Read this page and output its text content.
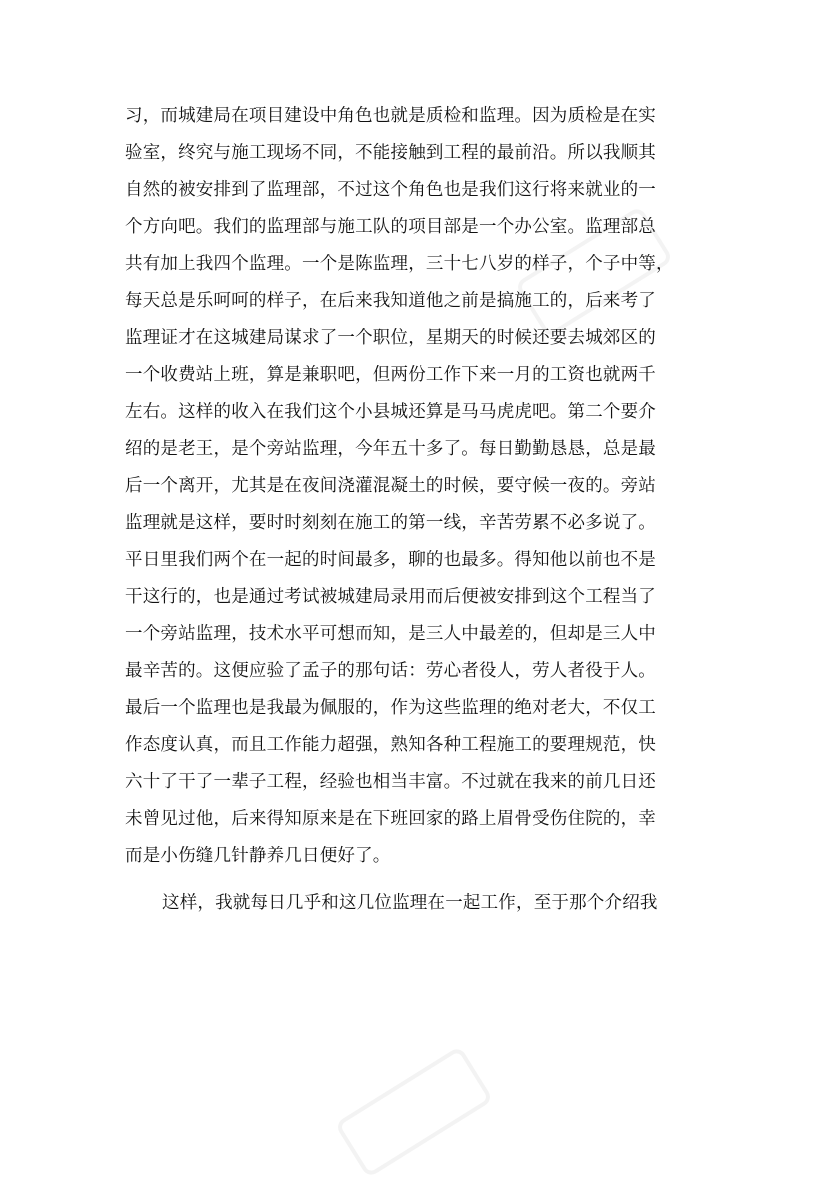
习，而城建局在项目建设中角色也就是质检和监理。因为质检是在实
验室，终究与施工现场不同，不能接触到工程的最前沿。所以我顺其
自然的被安排到了监理部，不过这个角色也是我们这行将来就业的一
个方向吧。我们的监理部与施工队的项目部是一个办公室。监理部总
共有加上我四个监理。一个是陈监理，三十七八岁的样子，个子中等，
每天总是乐呵呵的样子，在后来我知道他之前是搞施工的，后来考了
监理证才在这城建局谋求了一个职位，星期天的时候还要去城郊区的
一个收费站上班，算是兼职吧，但两份工作下来一月的工资也就两千
左右。这样的收入在我们这个小县城还算是马马虎虎吧。第二个要介
绍的是老王，是个旁站监理，今年五十多了。每日勤勤恳恳，总是最
后一个离开，尤其是在夜间浇灌混凝土的时候，要守候一夜的。旁站
监理就是这样，要时时刻刻在施工的第一线，辛苦劳累不必多说了。
平日里我们两个在一起的时间最多，聊的也最多。得知他以前也不是
干这行的，也是通过考试被城建局录用而后便被安排到这个工程当了
一个旁站监理，技术水平可想而知，是三人中最差的，但却是三人中
最辛苦的。这便应验了孟子的那句话：劳心者役人，劳人者役于人。
最后一个监理也是我最为佩服的，作为这些监理的绝对老大，不仅工
作态度认真，而且工作能力超强，熟知各种工程施工的要理规范，快
六十了干了一辈子工程，经验也相当丰富。不过就在我来的前几日还
未曾见过他，后来得知原来是在下班回家的路上眉骨受伤住院的，幸
而是小伤缝几针静养几日便好了。
这样，我就每日几乎和这几位监理在一起工作，至于那个介绍我
